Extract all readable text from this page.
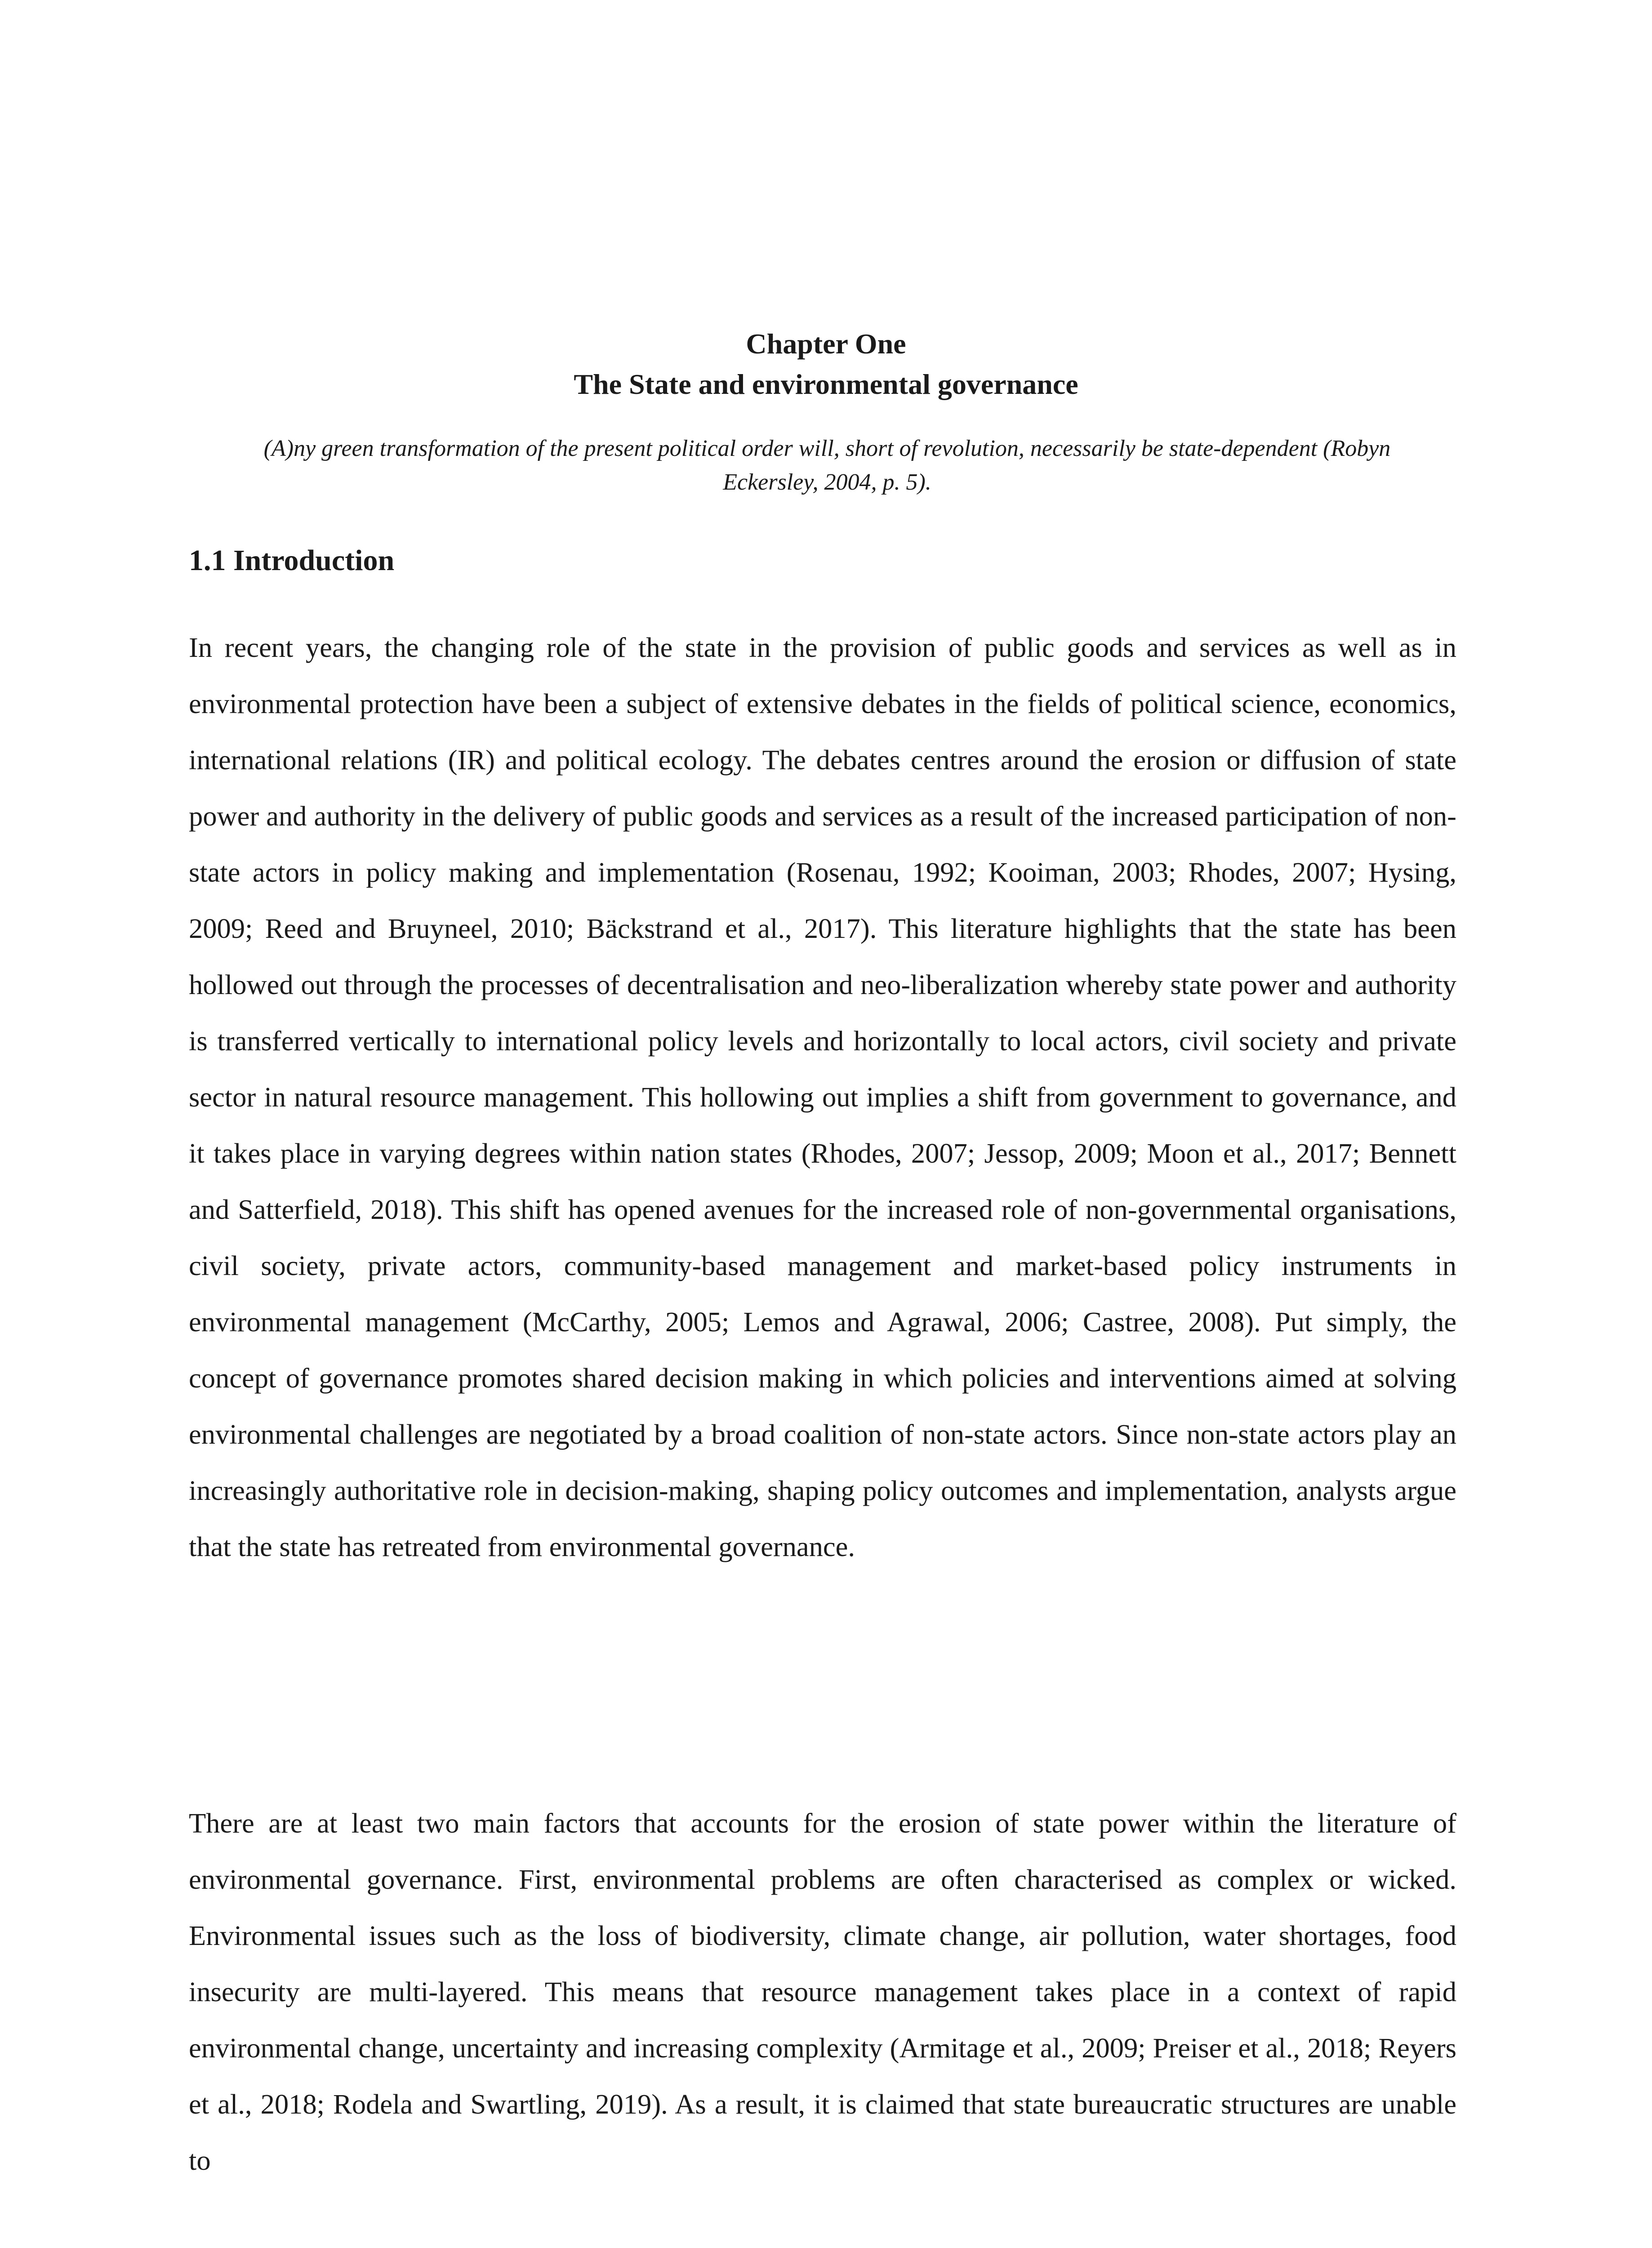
Chapter One
The State and environmental governance
(A)ny green transformation of the present political order will, short of revolution, necessarily be state-dependent (Robyn Eckersley, 2004, p. 5).
1.1 Introduction

In recent years, the changing role of the state in the provision of public goods and services as well as in environmental protection have been a subject of extensive debates in the fields of political science, economics, international relations (IR) and political ecology. The debates centres around the erosion or diffusion of state power and authority in the delivery of public goods and services as a result of the increased participation of non-state actors in policy making and implementation (Rosenau, 1992; Kooiman, 2003; Rhodes, 2007; Hysing, 2009; Reed and Bruyneel, 2010; Bäckstrand et al., 2017). This literature highlights that the state has been hollowed out through the processes of decentralisation and neo-liberalization whereby state power and authority is transferred vertically to international policy levels and horizontally to local actors, civil society and private sector in natural resource management. This hollowing out implies a shift from government to governance, and it takes place in varying degrees within nation states (Rhodes, 2007; Jessop, 2009; Moon et al., 2017; Bennett and Satterfield, 2018). This shift has opened avenues for the increased role of non-governmental organisations, civil society, private actors, community-based management and market-based policy instruments in environmental management (McCarthy, 2005; Lemos and Agrawal, 2006; Castree, 2008). Put simply, the concept of governance promotes shared decision making in which policies and interventions aimed at solving environmental challenges are negotiated by a broad coalition of non-state actors. Since non-state actors play an increasingly authoritative role in decision-making, shaping policy outcomes and implementation, analysts argue that the state has retreated from environmental governance.

There are at least two main factors that accounts for the erosion of state power within the literature of environmental governance. First, environmental problems are often characterised as complex or wicked. Environmental issues such as the loss of biodiversity, climate change, air pollution, water shortages, food insecurity are multi-layered. This means that resource management takes place in a context of rapid environmental change, uncertainty and increasing complexity (Armitage et al., 2009; Preiser et al., 2018; Reyers et al., 2018; Rodela and Swartling, 2019). As a result, it is claimed that state bureaucratic structures are unable to
